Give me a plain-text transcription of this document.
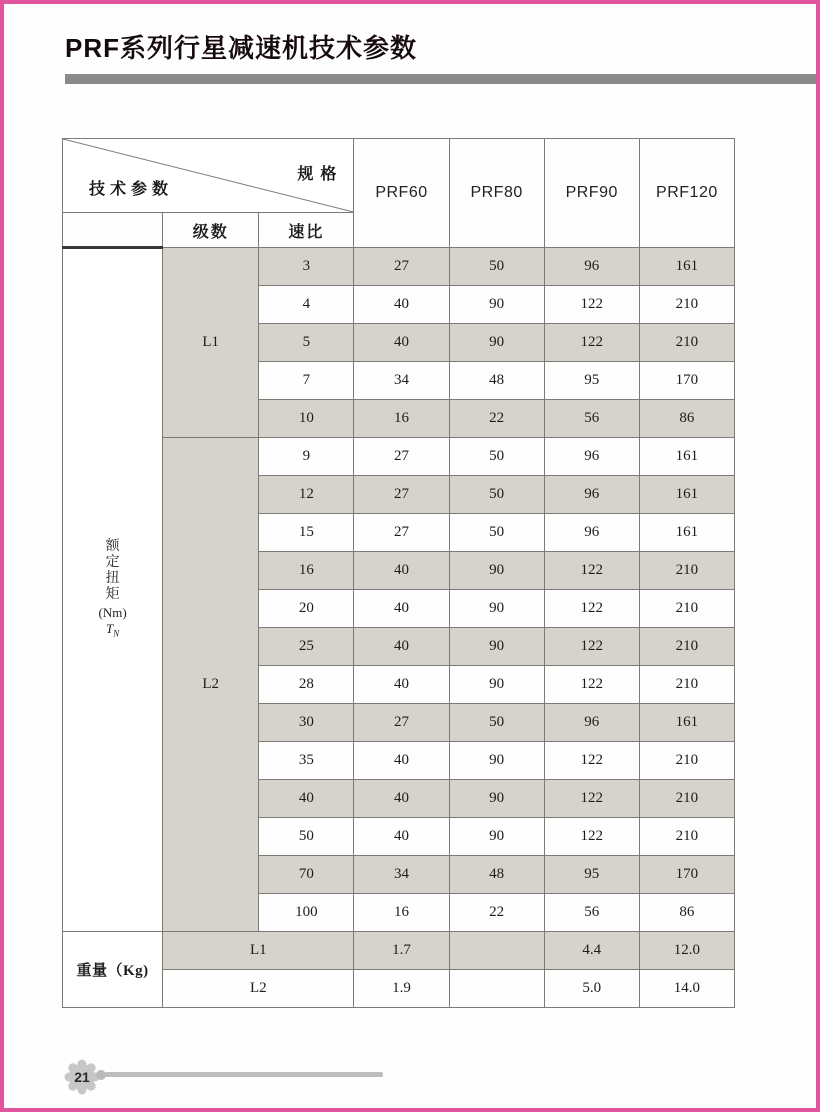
PRF系列行星减速机技术参数
规格
技术参数			PRF60	PRF80	PRF90	PRF120
	级数	速比				

额
定
扭
矩
(Nm)
$T_N$
	L1	3	27	50	96	161
		4	40	90	122	210
		5	40	90	122	210
		7	34	48	95	170
		10	16	22	56	86
	L2	9	27	50	96	161
		12	27	50	96	161
		15	27	50	96	161
		16	40	90	122	210
		20	40	90	122	210
		25	40	90	122	210
		28	40	90	122	210
		30	27	50	96	161
		35	40	90	122	210
		40	40	90	122	210
		50	40	90	122	210
		70	34	48	95	170
		100	16	22	56	86
重量（Kg)	L1		1.7		4.4	12.0
	L2		1.9		5.0	14.0
21
